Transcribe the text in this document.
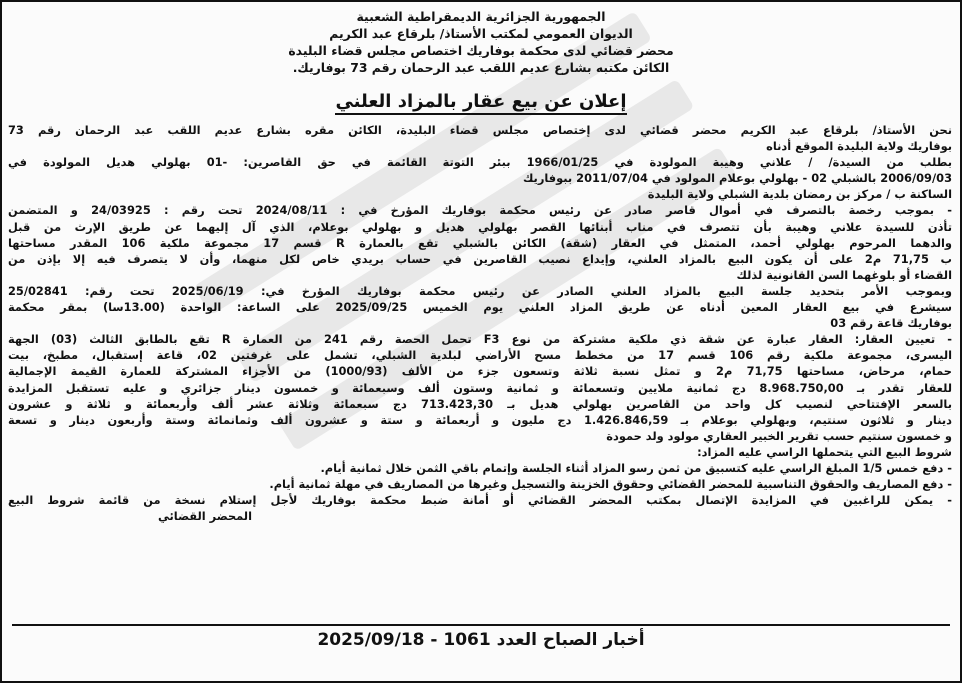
الجمهورية الجزائرية الديمقراطية الشعبية
الديوان العمومي لمكتب الأستاذ/ بلرقاع عبد الكريم
محضر قضائي لدى محكمة بوفاريك اختصاص مجلس قضاء البليدة
الكائن مكتبه بشارع عديم اللقب عبد الرحمان رقم 73 بوفاريك.
إعلان عن بيع عقار بالمزاد العلني
نحن الأستاذ/ بلرقاع عبد الكريم محضر قضائي لدى إختصاص مجلس قضاء البليدة، الكائن مقره بشارع عديم اللقب عبد الرحمان رقم 73
بوفاريك ولاية البليدة الموقع أدناه
بطلب من السيدة/ / علاني وهيبة المولودة في 1966/01/25 ببئر التوتة القائمة في حق القاصرين: -01 بهلولي هديل المولودة في
2006/09/03 بالشبلي 02 - بهلولي بوعلام المولود في 2011/07/04 ببوفاريك
الساكنة ب / مركز بن رمضان بلدية الشبلي ولاية البليدة
- بموجب رخصة بالتصرف في أموال قاصر صادر عن رئيس محكمة بوفاريك المؤرخ في : 2024/08/11 تحت رقم : 24/03925 و المتضمن
تأذن للسيدة علاني وهيبة بأن تتصرف في مناب أبنائها القصر بهلولي هديل و بهلولي بوعلام، الذي آل إليهما عن طريق الإرث من قبل
والدهما المرحوم بهلولي أحمد، المتمثل في العقار (شقة) الكائن بالشبلي تقع بالعمارة R قسم 17 مجموعة ملكية 106 المقدر مساحتها
ب 71,75 م2 على أن يكون البيع بالمزاد العلني، وإيداع نصيب القاصرين في حساب بريدي خاص لكل منهما، وأن لا يتصرف فيه إلا بإذن من
القضاء أو بلوغهما السن القانونية لذلك
وبموجب الأمر بتحديد جلسة البيع بالمزاد العلني الصادر عن رئيس محكمة بوفاريك المؤرخ في: 2025/06/19 تحت رقم: 25/02841
سيشرع في بيع العقار المعين أدناه عن طريق المزاد العلني يوم الخميس 2025/09/25 على الساعة: الواحدة (13.00سا) بمقر محكمة
بوفاريك قاعة رقم 03
- تعيين العقار: العقار عبارة عن شقة ذي ملكية مشتركة من نوع F3 تحمل الحصة رقم 241 من العمارة R تقع بالطابق الثالث (03) الجهة
اليسرى، مجموعة ملكية رقم 106 قسم 17 من مخطط مسح الأراضي لبلدية الشبلي، تشمل على غرفتين 02، قاعة إستقبال، مطبخ، بيت
حمام، مرحاض، مساحتها 71,75 م2 و تمثل نسبة ثلاثة وتسعون جزء من الألف (1000/93) من الأجزاء المشتركة للعمارة القيمة الإجمالية
للعقار تقدر بـ 8.968.750,00 دج ثمانية ملايين وتسعمائة و ثمانية وستون ألف وسبعمائة و خمسون دينار جزائري و عليه تستقبل المزايدة
بالسعر الإفتتاحي لنصيب كل واحد من القاصرين بهلولي هديل بـ 713.423,30 دج سبعمائة وثلاثة عشر ألف وأربعمائة و ثلاثة و عشرون
دينار و ثلاثون سنتيم، وبهلولي بوعلام بـ 1.426.846,59 دج مليون و أربعمائة و ستة و عشرون ألف وثمانمائة وستة وأربعون دينار و تسعة
و خمسون سنتيم حسب تقرير الخبير العقاري مولود ولد حمودة
شروط البيع التي يتحملها الراسي عليه المزاد:
- دفع خمس 1/5 المبلغ الراسي عليه كتسبيق من ثمن رسو المزاد أثناء الجلسة وإتمام باقي الثمن خلال ثمانية أيام.
- دفع المصاريف والحقوق التناسبية للمحضر القضائي وحقوق الخزينة والتسجيل وغيرها من المصاريف في مهلة ثمانية أيام.
- يمكن للراغبين في المزايدة الإتصال بمكتب المحضر القضائي أو أمانة ضبط محكمة بوفاريك لأجل إستلام نسخة من قائمة شروط البيع
المحضر القضائي
أخبار الصباح العدد 1061 - 2025/09/18
